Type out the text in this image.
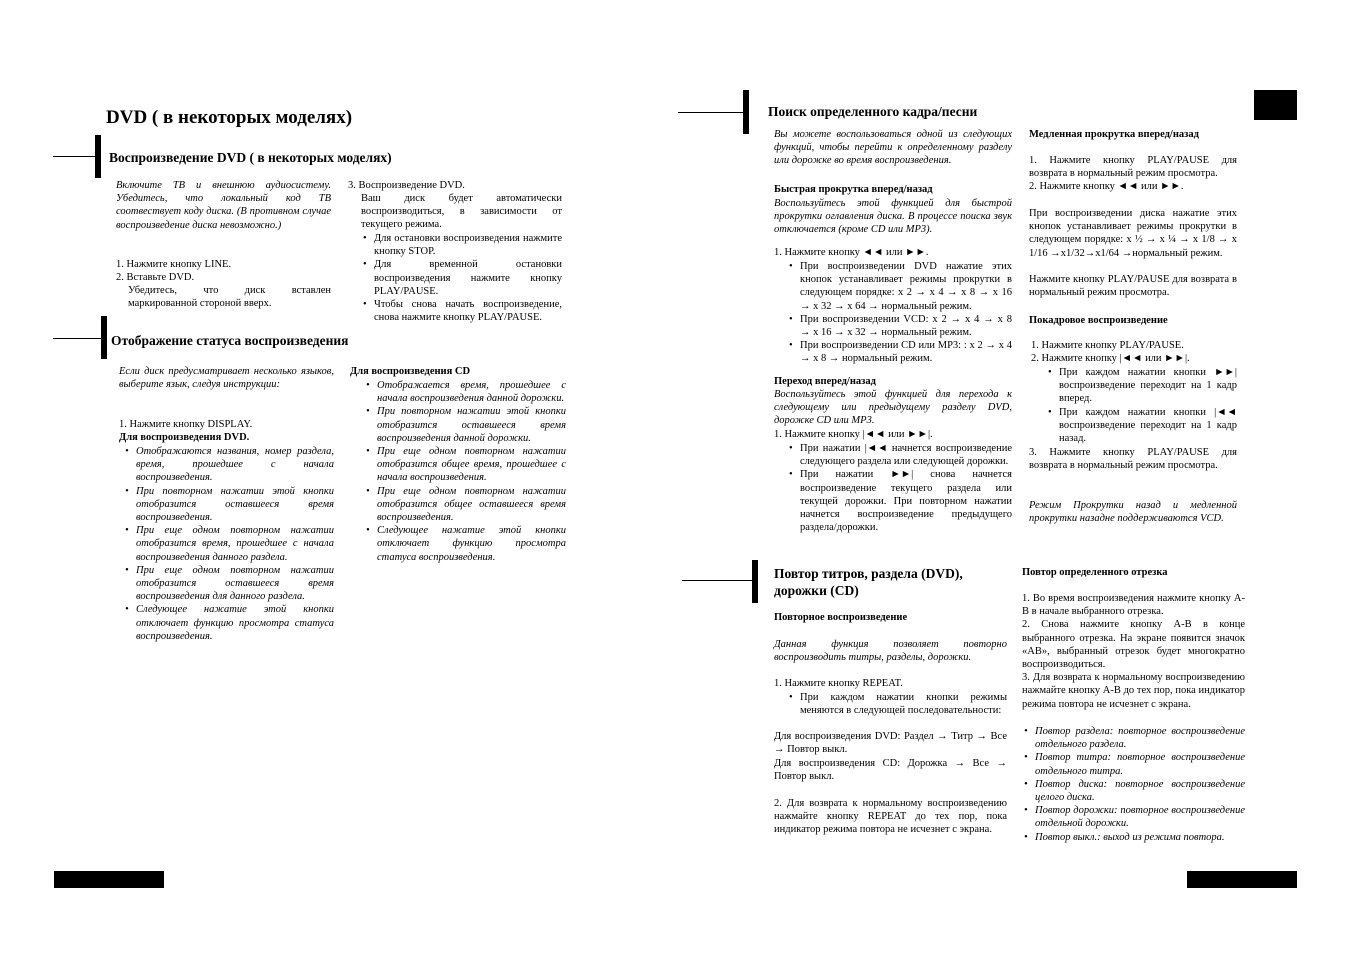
DVD ( в некоторых моделях)
Воспроизведение DVD ( в некоторых моделях)
Включите ТВ и внешнюю аудиосистему. Убедитесь, что локальный код ТВ соотвествует коду диска. (В противном случае воспроизведение диска невозможно.)
1. Нажмите кнопку LINE.
2. Вставьте DVD.
Убедитесь, что диск вставлен маркированной стороной вверх.
3. Воспроизведение DVD.
Ваш диск будет автоматически воспроизводиться, в зависимости от текущего режима.
• Для остановки воспроизведения нажмите кнопку STOP.
• Для временной остановки воспроизведения нажмите кнопку PLAY/PAUSE.
• Чтобы снова начать воспроизведение, снова нажмите кнопку PLAY/PAUSE.
Отображение статуса воспроизведения
Если диск предусматривает несколько языков, выберите язык, следуя инструкции:
1. Нажмите кнопку DISPLAY.
Для воспроизведения DVD.
• Отображаются названия, номер раздела, время, прошедшее с начала воспроизведения.
• При повторном нажатии этой кнопки отобразится оставшееся время воспроизведения.
• При еще одном повторном нажатии отобразится время, прошедшее с начала воспроизведения данного раздела.
• При еще одном повторном нажатии отобразится оставшееся время воспроизведения для данного раздела.
• Следующее нажатие этой кнопки отключает функцию просмотра статуса воспроизведения.
Для воспроизведения CD
• Отображается время, прошедшее с начала воспроизведения данной дорожки.
• При повторном нажатии этой кнопки отобразится оставшееся время воспроизведения данной дорожки.
• При еще одном повторном нажатии отобразится общее время, прошедшее с начала воспроизведения.
• При еще одном повторном нажатии отобразится общее оставшееся время воспроизведения.
• Следующее нажатие этой кнопки отключает функцию просмотра статуса воспроизведения.
Поиск определенного кадра/песни
Вы можете воспользоваться одной из следующих функций, чтобы перейти к определенному разделу или дорожке во время воспроизведения.
Быстрая прокрутка вперед/назад
Воспользуйтесь этой функцией для быстрой прокрутки оглавления диска. В процессе поиска звук отключается (кроме CD или MP3).
1. Нажмите кнопку ◄◄ или ►►.
• При воспроизведении DVD нажатие этих кнопок устанавливает режимы прокрутки в следующем порядке: x 2 → x 4 → x 8 → x 16 → x 32 → x 64 → нормальный режим.
• При воспроизведении VCD: x 2 → x 4 → x 8 → x 16 → x 32 → нормальный режим.
• При воспроизведении CD или MP3: : x 2 → x 4 → x 8 → нормальный режим.
Переход вперед/назад
Воспользуйтесь этой функцией для перехода к следующему или предыдущему разделу DVD, дорожке CD или MP3.
1. Нажмите кнопку |◄◄ или ►►|.
• При нажатии |◄◄ начнется воспроизведение следующего раздела или следующей дорожки.
• При нажатии ►►| снова начнется воспроизведение текущего раздела или текущей дорожки. При повторном нажатии начнется воспроизведение предыдущего раздела/дорожки.
Медленная прокрутка вперед/назад
1. Нажмите кнопку PLAY/PAUSE для возврата в нормальный режим просмотра.
2. Нажмите кнопку ◄◄ или ►►.
При воспроизведении диска нажатие этих кнопок устанавливает режимы прокрутки в следующем порядке: x ½ → x ¼ → x 1/8 → x 1/16 →x1/32→x1/64 →нормальный режим.
Нажмите кнопку PLAY/PAUSE для возврата в нормальный режим просмотра.
Покадровое воспроизведение
1. Нажмите кнопку PLAY/PAUSE.
2. Нажмите кнопку |◄◄ или ►►|.
• При каждом нажатии кнопки ►►| воспроизведение переходит на 1 кадр вперед.
• При каждом нажатии кнопки |◄◄ воспроизведение переходит на 1 кадр назад.
3. Нажмите кнопку PLAY/PAUSE для возврата в нормальный режим просмотра.
Режим Прокрутки назад и медленной прокрутки назадне поддерживаются VCD.
Повтор титров, раздела (DVD), дорожки (CD)
Повторное воспроизведение
Данная функция позволяет повторно воспроизводить титры, разделы, дорожки.
1. Нажмите кнопку REPEAT.
• При каждом нажатии кнопки режимы меняются в следующей последовательности:
Для воспроизведения DVD: Раздел → Титр → Все → Повтор выкл.
Для воспроизведения CD: Дорожка → Все → Повтор выкл.
2. Для возврата к нормальному воспроизведению нажмайте кнопку REPEAT до тех пор, пока индикатор режима повтора не исчезнет с экрана.
Повтор определенного отрезка
1. Во время воспроизведения нажмите кнопку A-B в начале выбранного отрезка.
2. Снова нажмите кнопку A-B в конце выбранного отрезка. На экране появится значок «AB», выбранный отрезок будет многократно воспроизводиться.
3. Для возврата к нормальному воспроизведению нажмайте кнопку A-B до тех пор, пока индикатор режима повтора не исчезнет с экрана.
• Повтор раздела: повторное воспроизведение отдельного раздела.
• Повтор титра: повторное воспроизведение отдельного титра.
• Повтор диска: повторное воспроизведение целого диска.
• Повтор дорожки: повторное воспроизведение отдельной дорожки.
• Повтор выкл.: выход из режима повтора.
